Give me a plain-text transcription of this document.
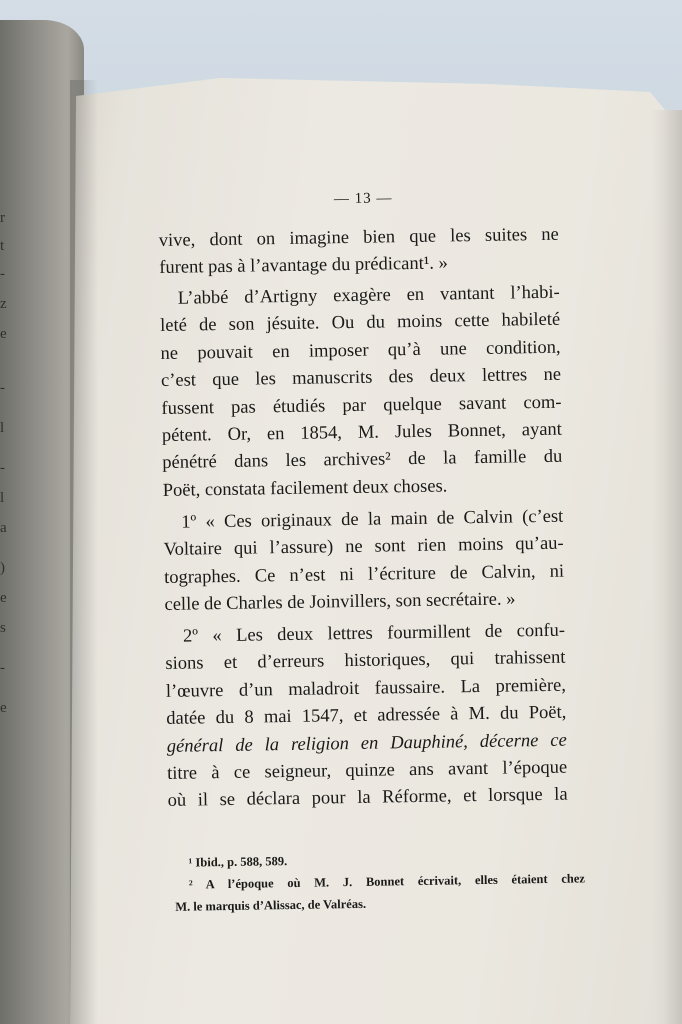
r
t
-
z
e
-
l
-
l
a
)
e
s
-
e
— 13 —
vive, dont on imagine bien que les suites ne
furent pas à l’avantage du prédicant¹. »
L’abbé d’Artigny exagère en vantant l’habi-
leté de son jésuite. Ou du moins cette habileté
ne pouvait en imposer qu’à une condition,
c’est que les manuscrits des deux lettres ne
fussent pas étudiés par quelque savant com-
pétent. Or, en 1854, M. Jules Bonnet, ayant
pénétré dans les archives² de la famille du
Poët, constata facilement deux choses.
1º « Ces originaux de la main de Calvin (c’est
Voltaire qui l’assure) ne sont rien moins qu’au-
tographes. Ce n’est ni l’écriture de Calvin, ni
celle de Charles de Joinvillers, son secrétaire. »
2º « Les deux lettres fourmillent de confu-
sions et d’erreurs historiques, qui trahissent
l’œuvre d’un maladroit faussaire. La première,
datée du 8 mai 1547, et adressée à M. du Poët,
général de la religion en Dauphiné, décerne ce
titre à ce seigneur, quinze ans avant l’époque
où il se déclara pour la Réforme, et lorsque la
¹ Ibid., p. 588, 589.
² A l’époque où M. J. Bonnet écrivait, elles étaient chez
M. le marquis d’Alissac, de Valréas.
